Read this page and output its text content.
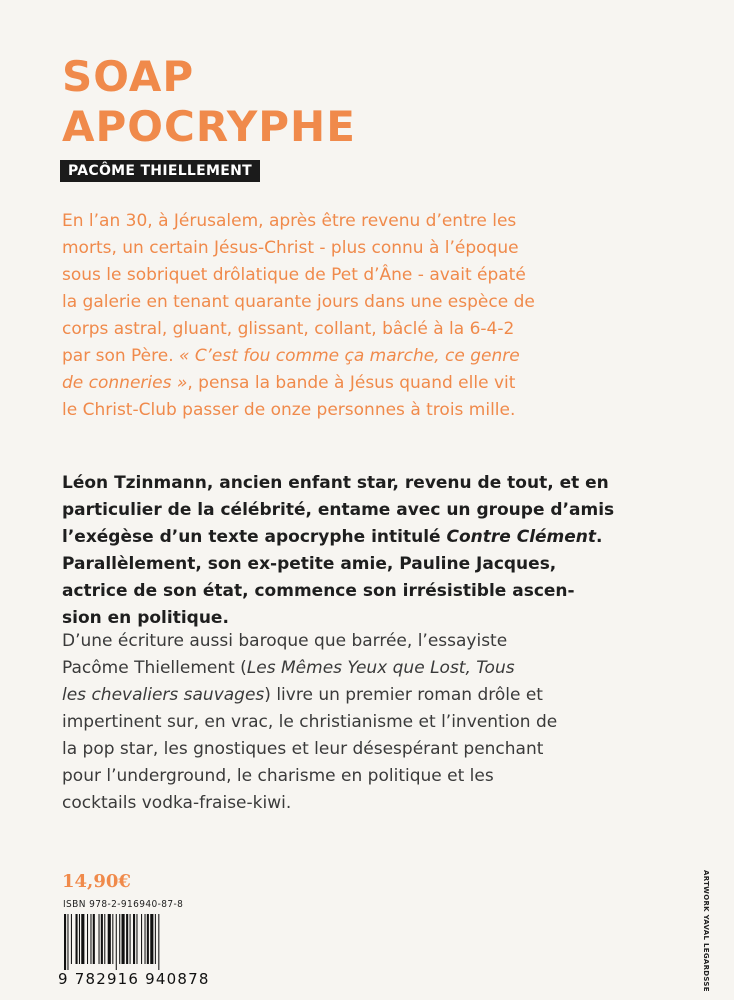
SOAP
APOCRYPHE
PACÔME THIELLEMENT

En l’an 30, à Jérusalem, après être revenu d’entre les
morts, un certain Jésus-Christ - plus connu à l’époque
sous le sobriquet drôlatique de Pet d’Âne - avait épaté
la galerie en tenant quarante jours dans une espèce de
corps astral, gluant, glissant, collant, bâclé à la 6-4-2
par son Père. « C’est fou comme ça marche, ce genre
de conneries », pensa la bande à Jésus quand elle vit
le Christ-Club passer de onze personnes à trois mille.

Léon Tzinmann, ancien enfant star, revenu de tout, et en
particulier de la célébrité, entame avec un groupe d’amis
l’exégèse d’un texte apocryphe intitulé Contre Clément.
Parallèlement, son ex-petite amie, Pauline Jacques,
actrice de son état, commence son irrésistible ascen-
sion en politique.

D’une écriture aussi baroque que barrée, l’essayiste
Pacôme Thiellement (Les Mêmes Yeux que Lost, Tous
les chevaliers sauvages) livre un premier roman drôle et
impertinent sur, en vrac, le christianisme et l’invention de
la pop star, les gnostiques et leur désespérant penchant
pour l’underground, le charisme en politique et les
cocktails vodka-fraise-kiwi.

14,90€
ISBN 978-2-916940-87-8
9 782916 940878	ARTWORK YAVAL LEGARDSSE
